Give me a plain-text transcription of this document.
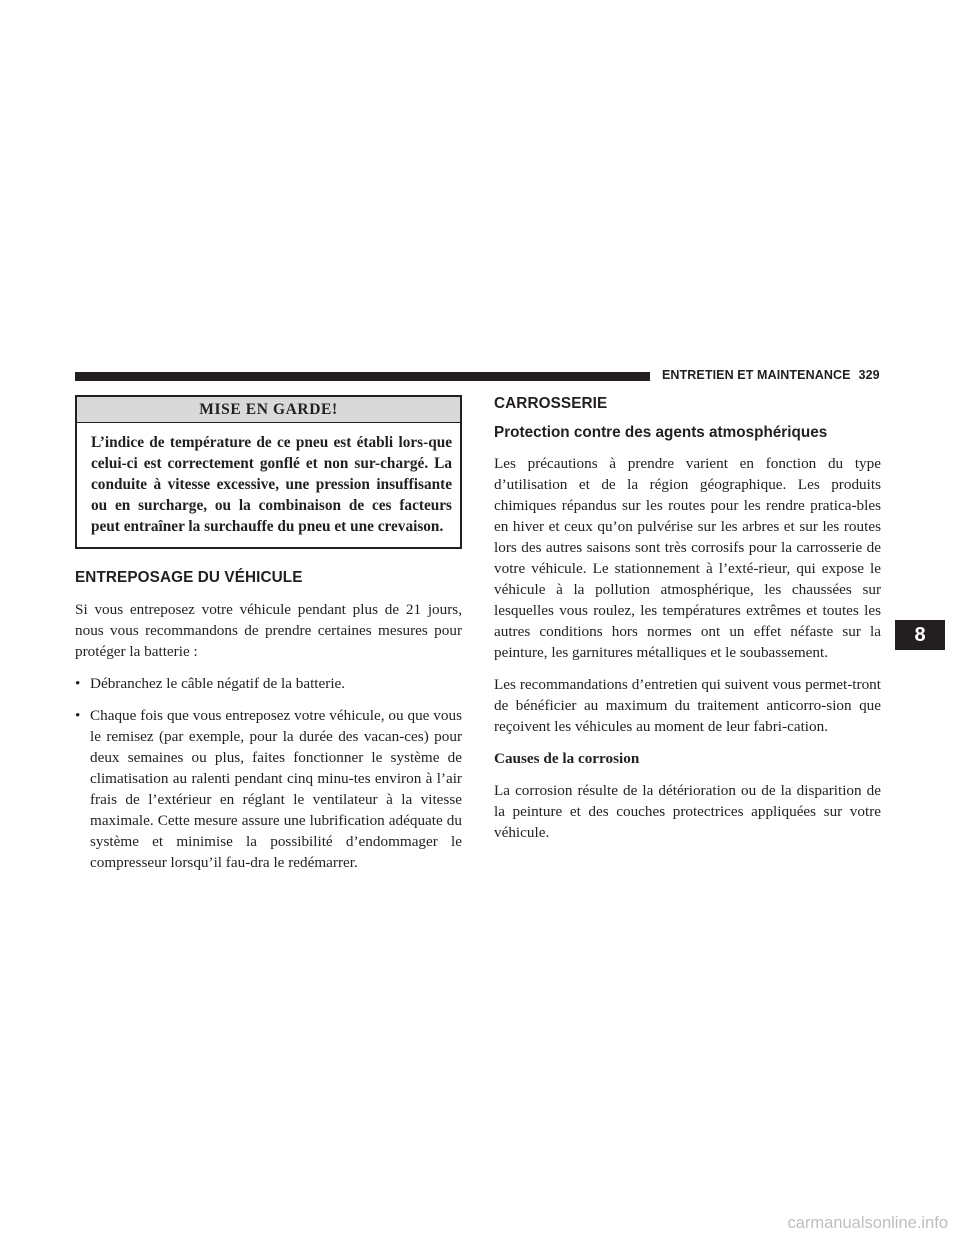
ENTRETIEN ET MAINTENANCE 329
MISE EN GARDE!
L’indice de température de ce pneu est établi lors-que celui-ci est correctement gonflé et non sur-chargé. La conduite à vitesse excessive, une pression insuffisante ou en surcharge, ou la combinaison de ces facteurs peut entraîner la surchauffe du pneu et une crevaison.
ENTREPOSAGE DU VÉHICULE

Si vous entreposez votre véhicule pendant plus de 21 jours, nous vous recommandons de prendre certaines mesures pour protéger la batterie :

• Débranchez le câble négatif de la batterie.
• Chaque fois que vous entreposez votre véhicule, ou que vous le remisez (par exemple, pour la durée des vacan-ces) pour deux semaines ou plus, faites fonctionner le système de climatisation au ralenti pendant cinq minu-tes environ à l’air frais de l’extérieur en réglant le ventilateur à la vitesse maximale. Cette mesure assure une lubrification adéquate du système et minimise la possibilité d’endommager le compresseur lorsqu’il fau-dra le redémarrer.
CARROSSERIE
Protection contre des agents atmosphériques

Les précautions à prendre varient en fonction du type d’utilisation et de la région géographique. Les produits chimiques répandus sur les routes pour les rendre pratica-bles en hiver et ceux qu’on pulvérise sur les arbres et sur les routes lors des autres saisons sont très corrosifs pour la carrosserie de votre véhicule. Le stationnement à l’exté-rieur, qui expose le véhicule à la pollution atmosphérique, les chaussées sur lesquelles vous roulez, les températures extrêmes et toutes les autres conditions hors normes ont un effet néfaste sur la peinture, les garnitures métalliques et le soubassement.

Les recommandations d’entretien qui suivent vous permet-tront de bénéficier au maximum du traitement anticorro-sion que reçoivent les véhicules au moment de leur fabri-cation.

Causes de la corrosion

La corrosion résulte de la détérioration ou de la disparition de la peinture et des couches protectrices appliquées sur votre véhicule.

8
carmanualsonline.info
